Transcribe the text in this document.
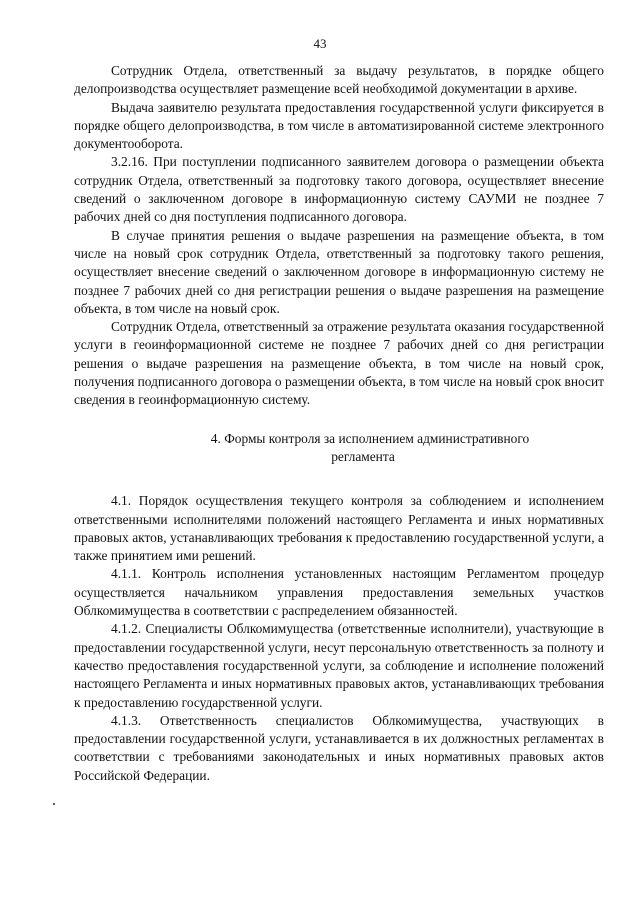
43

Сотрудник Отдела, ответственный за выдачу результатов, в порядке общего делопроизводства осуществляет размещение всей необходимой документации в архиве.

Выдача заявителю результата предоставления государственной услуги фиксируется в порядке общего делопроизводства, в том числе в автоматизированной системе электронного документооборота.

3.2.16. При поступлении подписанного заявителем договора о размещении объекта сотрудник Отдела, ответственный за подготовку такого договора, осуществляет внесение сведений о заключенном договоре в информационную систему САУМИ не позднее 7 рабочих дней со дня поступления подписанного договора.

В случае принятия решения о выдаче разрешения на размещение объекта, в том числе на новый срок сотрудник Отдела, ответственный за подготовку такого решения, осуществляет внесение сведений о заключенном договоре в информационную систему не позднее 7 рабочих дней со дня регистрации решения о выдаче разрешения на размещение объекта, в том числе на новый срок.

Сотрудник Отдела, ответственный за отражение результата оказания государственной услуги в геоинформационной системе не позднее 7 рабочих дней со дня регистрации решения о выдаче разрешения на размещение объекта, в том числе на новый срок, получения подписанного договора о размещении объекта, в том числе на новый срок вносит сведения в геоинформационную систему.

4. Формы контроля за исполнением административного

регламента

4.1. Порядок осуществления текущего контроля за соблюдением и исполнением ответственными исполнителями положений настоящего Регламента и иных нормативных правовых актов, устанавливающих требования к предоставлению государственной услуги, а также принятием ими решений.

4.1.1. Контроль исполнения установленных настоящим Регламентом процедур осуществляется начальником управления предоставления земельных участков Облкомимущества в соответствии с распределением обязанностей.

4.1.2. Специалисты Облкомимущества (ответственные исполнители), участвующие в предоставлении государственной услуги, несут персональную ответственность за полноту и качество предоставления государственной услуги, за соблюдение и исполнение положений настоящего Регламента и иных нормативных правовых актов, устанавливающих требования к предоставлению государственной услуги.

4.1.3. Ответственность специалистов Облкомимущества, участвующих в предоставлении государственной услуги, устанавливается в их должностных регламентах в соответствии с требованиями законодательных и иных нормативных правовых актов Российской Федерации.
